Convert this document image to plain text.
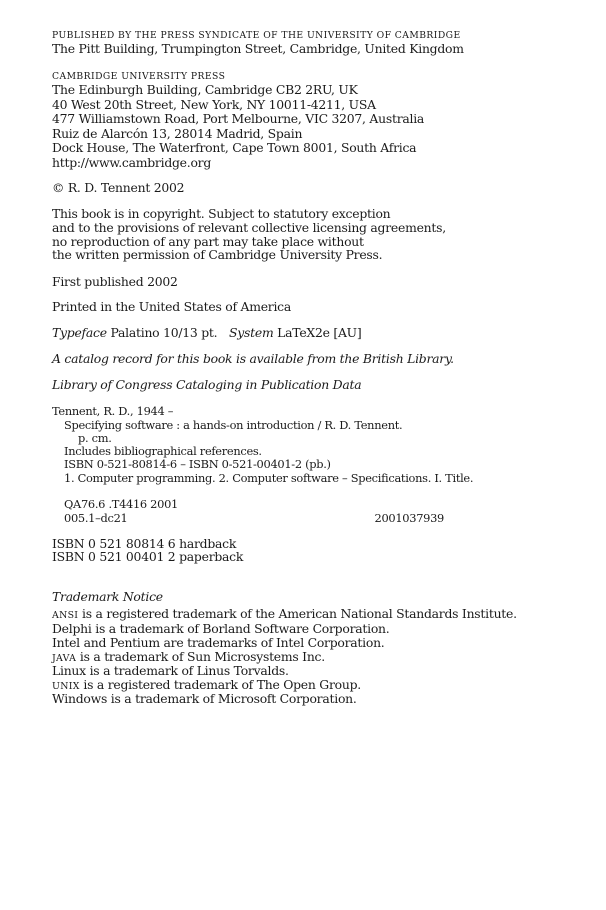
PUBLISHED BY THE PRESS SYNDICATE OF THE UNIVERSITY OF CAMBRIDGE
The Pitt Building, Trumpington Street, Cambridge, United Kingdom
CAMBRIDGE UNIVERSITY PRESS
The Edinburgh Building, Cambridge CB2 2RU, UK
40 West 20th Street, New York, NY 10011-4211, USA
477 Williamstown Road, Port Melbourne, VIC 3207, Australia
Ruiz de Alarcón 13, 28014 Madrid, Spain
Dock House, The Waterfront, Cape Town 8001, South Africa
http://www.cambridge.org
© R. D. Tennent 2002
This book is in copyright. Subject to statutory exception
and to the provisions of relevant collective licensing agreements,
no reproduction of any part may take place without
the written permission of Cambridge University Press.
First published 2002
Printed in the United States of America
Typeface Palatino 10/13 pt. System LaTeX2e [AU]
A catalog record for this book is available from the British Library.
Library of Congress Cataloging in Publication Data
Tennent, R. D., 1944 –
Specifying software : a hands-on introduction / R. D. Tennent.
p. cm.
Includes bibliographical references.
ISBN 0-521-80814-6 – ISBN 0-521-00401-2 (pb.)
1. Computer programming. 2. Computer software – Specifications. I. Title.
QA76.6 .T4416 2001
005.1–dc21	2001037939
ISBN 0 521 80814 6 hardback
ISBN 0 521 00401 2 paperback
Trademark Notice
ANSI is a registered trademark of the American National Standards Institute.
Delphi is a trademark of Borland Software Corporation.
Intel and Pentium are trademarks of Intel Corporation.
JAVA is a trademark of Sun Microsystems Inc.
Linux is a trademark of Linus Torvalds.
UNIX is a registered trademark of The Open Group.
Windows is a trademark of Microsoft Corporation.
